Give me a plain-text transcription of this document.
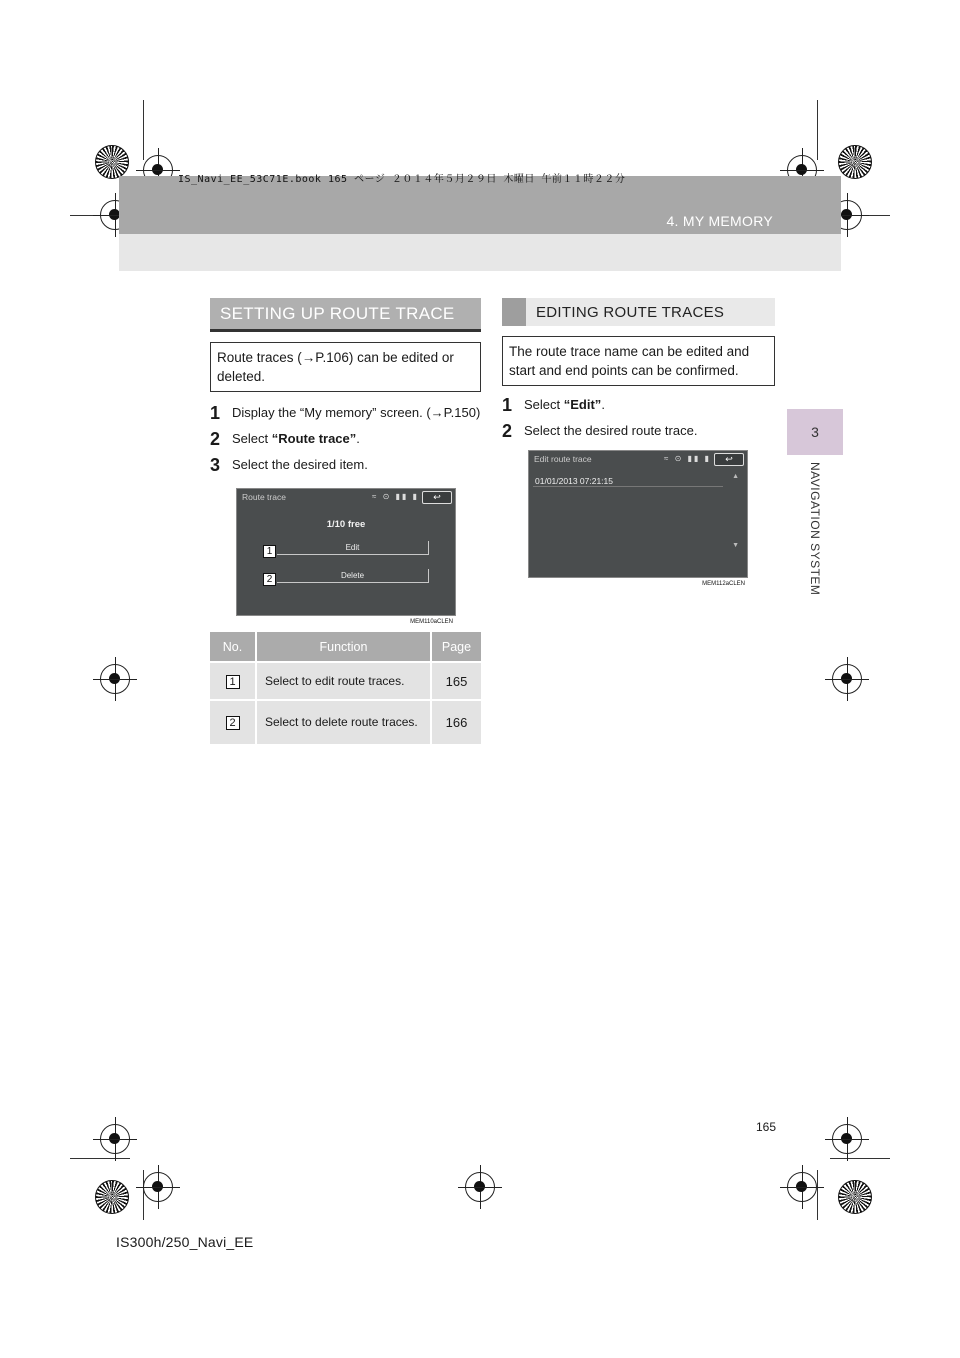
IS_Navi_EE_53C71E.book 165 ページ ２０１４年５月２９日 木曜日 午前１１時２２分
4. MY MEMORY
3
NAVIGATION SYSTEM
SETTING UP ROUTE TRACE
Route traces (→P.106) can be edited or deleted.
1 Display the “My memory” screen. (→P.150)
2 Select “Route trace”.
3 Select the desired item.
Route trace	≈ ⊙ ▮▮ ▮	↩
1/10 free
Edit
Delete
1
2
MEM110aCLEN
No.	Function	Page
1	Select to edit route traces.	165
2	Select to delete route traces.	166
EDITING ROUTE TRACES
The route trace name can be edited and start and end points can be confirmed.
1 Select “Edit”.
2 Select the desired route trace.
Edit route trace	≈ ⊙ ▮▮ ▮	↩
01/01/2013 07:21:15	▲
▼
MEM112aCLEN
165
IS300h/250_Navi_EE
